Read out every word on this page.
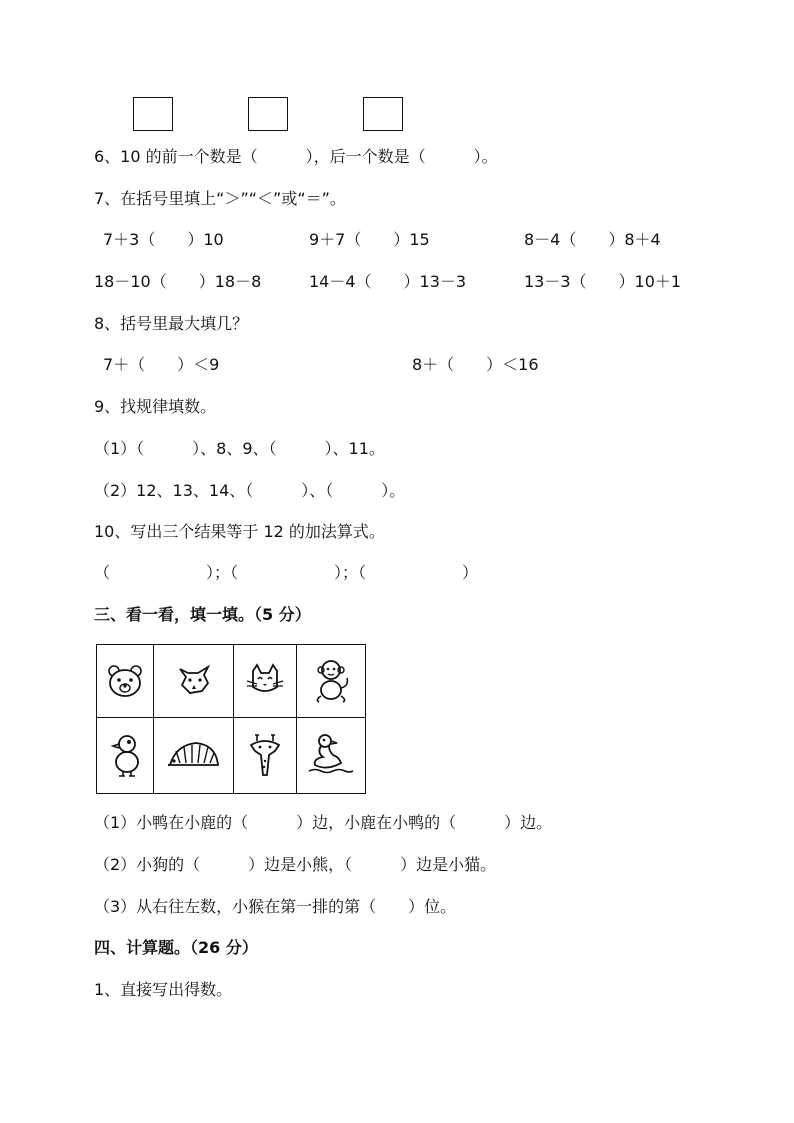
6、10 的前一个数是（　　　），后一个数是（　　　）。
7、在括号里填上“＞”“＜”或“＝”。
7＋3（　　）10	9＋7（　　）15	8－4（　　）8＋4
18－10（　　）18－8	14－4（　　）13－3	13－3（　　）10＋1
8、括号里最大填几？
7＋（　　）＜9	8＋（　　）＜16
9、找规律填数。
（1）（　　　）、8、9、（　　　）、11。
（2）12、13、14、（　　　）、（　　　）。
10、写出三个结果等于 12 的加法算式。
（　　　　　　）；（　　　　　　）；（　　　　　　）
三、看一看，填一填。（5 分）

（1）小鸭在小鹿的（　　　）边，小鹿在小鸭的（　　　）边。
（2）小狗的（　　　）边是小熊，（　　　）边是小猫。
（3）从右往左数，小猴在第一排的第（　　）位。
四、计算题。（26 分）
1、直接写出得数。
